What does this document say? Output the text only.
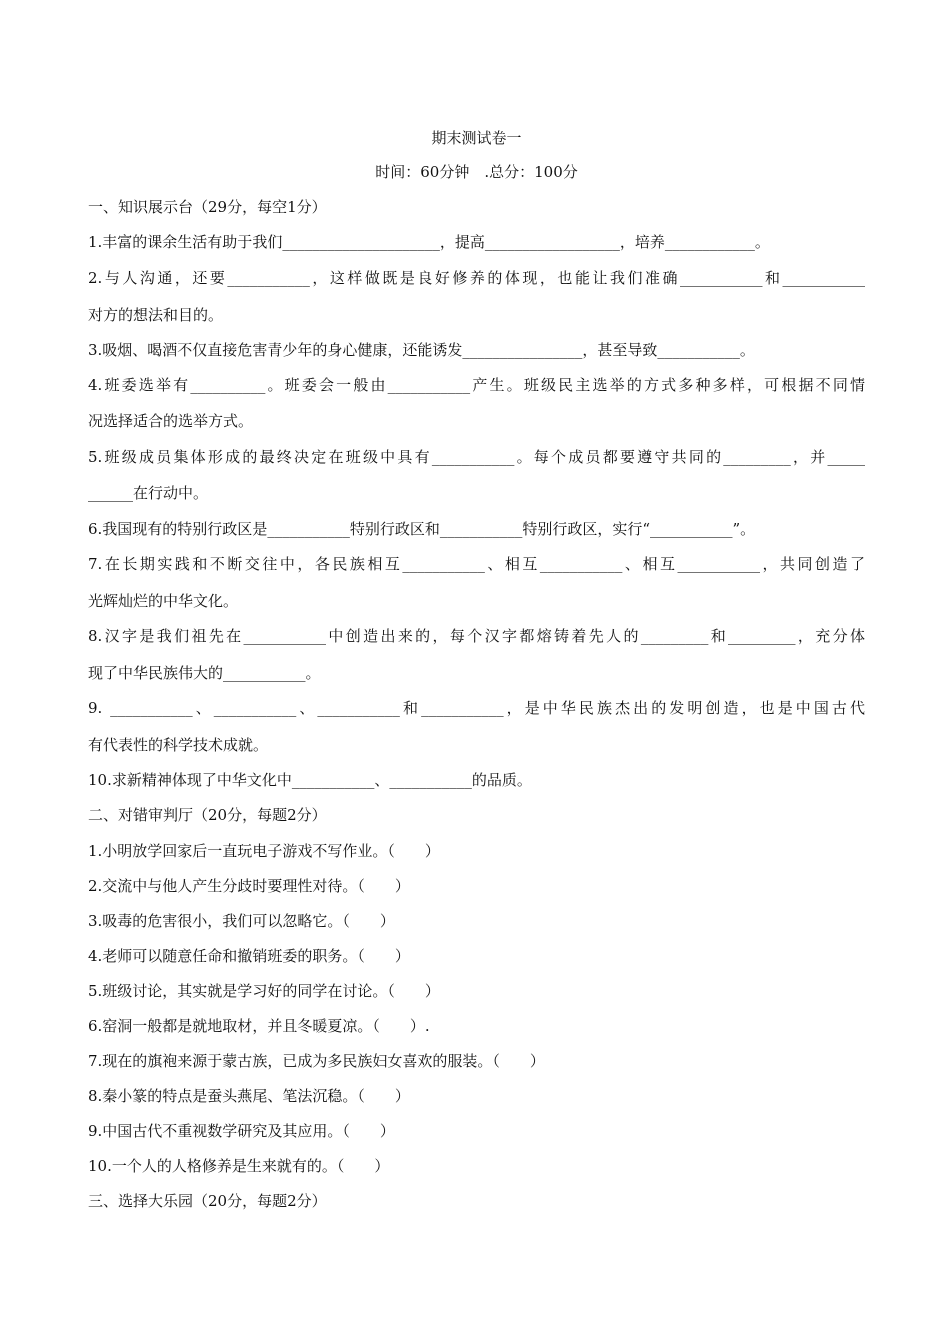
期末测试卷一
时间：60分钟　.总分：100分
一、知识展示台（29分，每空1分）
1.丰富的课余生活有助于我们_____________________，提高__________________，培养____________。
2.与人沟通，还要___________，这样做既是良好修养的体现，也能让我们准确___________和___________
对方的想法和目的。
3.吸烟、喝酒不仅直接危害青少年的身心健康，还能诱发________________，甚至导致___________。
4.班委选举有__________。班委会一般由___________产生。班级民主选举的方式多种多样，可根据不同情
况选择适合的选举方式。
5.班级成员集体形成的最终决定在班级中具有___________。每个成员都要遵守共同的_________，并_____
______在行动中。
6.我国现有的特别行政区是___________特别行政区和___________特别行政区，实行“___________”。
7.在长期实践和不断交往中，各民族相互___________、相互___________、相互___________，共同创造了
光辉灿烂的中华文化。
8.汉字是我们祖先在___________中创造出来的，每个汉字都熔铸着先人的_________和_________，充分体
现了中华民族伟大的___________。
9. ___________、___________、___________和___________，是中华民族杰出的发明创造，也是中国古代
有代表性的科学技术成就。
10.求新精神体现了中华文化中___________、___________的品质。
二、对错审判厅（20分，每题2分）
1.小明放学回家后一直玩电子游戏不写作业。（　　）
2.交流中与他人产生分歧时要理性对待。（　　）
3.吸毒的危害很小，我们可以忽略它。（　　）
4.老师可以随意任命和撤销班委的职务。（　　）
5.班级讨论，其实就是学习好的同学在讨论。（　　）
6.窑洞一般都是就地取材，并且冬暖夏凉。（　　）.
7.现在的旗袍来源于蒙古族，已成为多民族妇女喜欢的服装。（　　）
8.秦小篆的特点是蚕头燕尾、笔法沉稳。（　　）
9.中国古代不重视数学研究及其应用。（　　）
10.一个人的人格修养是生来就有的。（　　）
三、选择大乐园（20分，每题2分）
